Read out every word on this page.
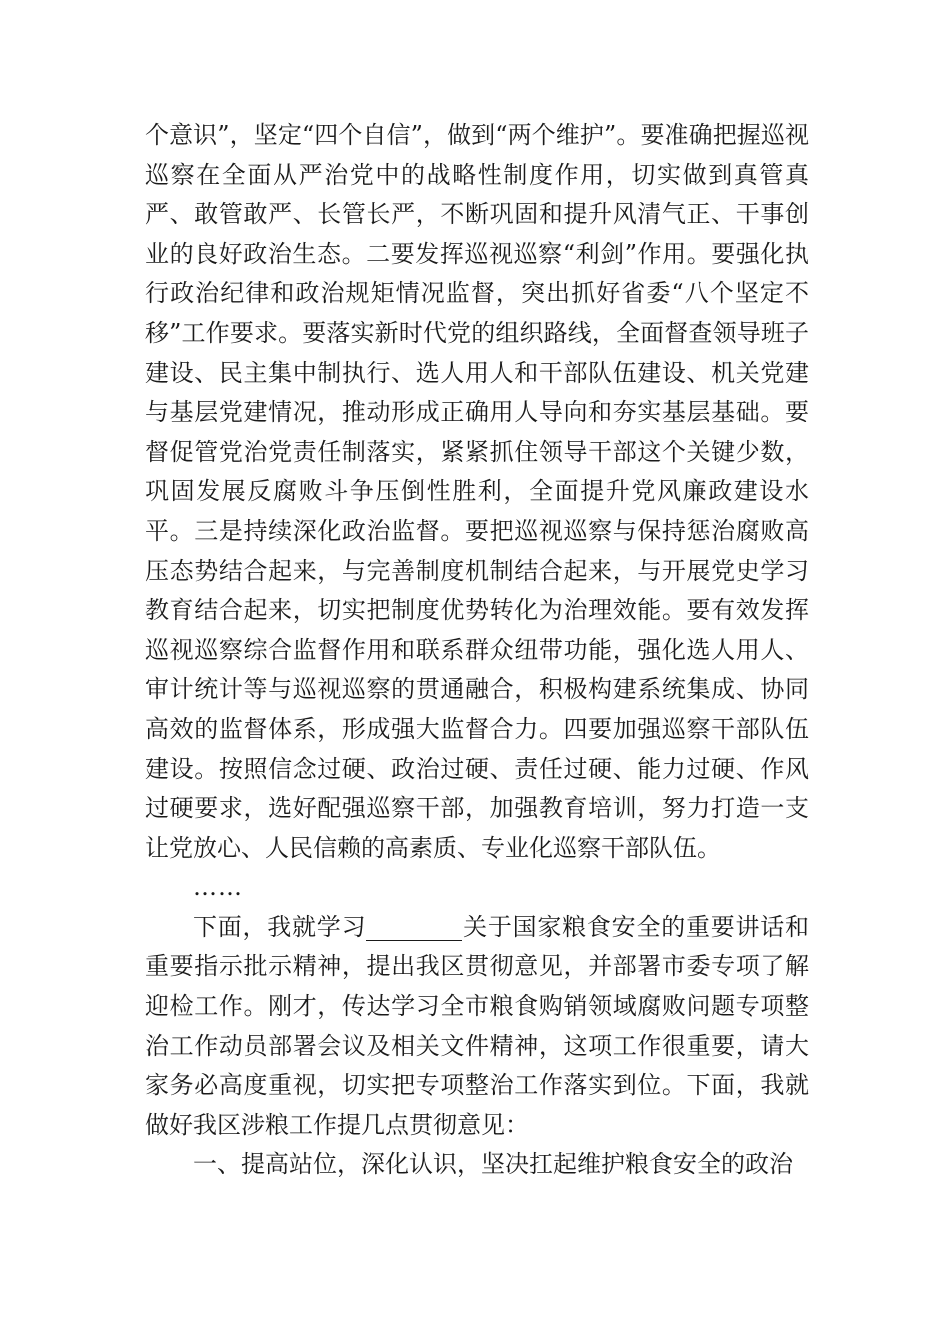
个意识”，坚定“四个自信”，做到“两个维护”。要准确把握巡视巡察在全面从严治党中的战略性制度作用，切实做到真管真严、敢管敢严、长管长严，不断巩固和提升风清气正、干事创业的良好政治生态。二要发挥巡视巡察“利剑”作用。要强化执行政治纪律和政治规矩情况监督，突出抓好省委“八个坚定不移”工作要求。要落实新时代党的组织路线，全面督查领导班子建设、民主集中制执行、选人用人和干部队伍建设、机关党建与基层党建情况，推动形成正确用人导向和夯实基层基础。要督促管党治党责任制落实，紧紧抓住领导干部这个关键少数，巩固发展反腐败斗争压倒性胜利，全面提升党风廉政建设水平。三是持续深化政治监督。要把巡视巡察与保持惩治腐败高压态势结合起来，与完善制度机制结合起来，与开展党史学习教育结合起来，切实把制度优势转化为治理效能。要有效发挥巡视巡察综合监督作用和联系群众纽带功能，强化选人用人、审计统计等与巡视巡察的贯通融合，积极构建系统集成、协同高效的监督体系，形成强大监督合力。四要加强巡察干部队伍建设。按照信念过硬、政治过硬、责任过硬、能力过硬、作风过硬要求，选好配强巡察干部，加强教育培训，努力打造一支让党放心、人民信赖的高素质、专业化巡察干部队伍。

……

下面，我就学习	关于国家粮食安全的重要讲话和重要指示批示精神，提出我区贯彻意见，并部署市委专项了解迎检工作。刚才，传达学习全市粮食购销领域腐败问题专项整治工作动员部署会议及相关文件精神，这项工作很重要，请大家务必高度重视，切实把专项整治工作落实到位。下面，我就做好我区涉粮工作提几点贯彻意见：

一、提高站位，深化认识，坚决扛起维护粮食安全的政治
